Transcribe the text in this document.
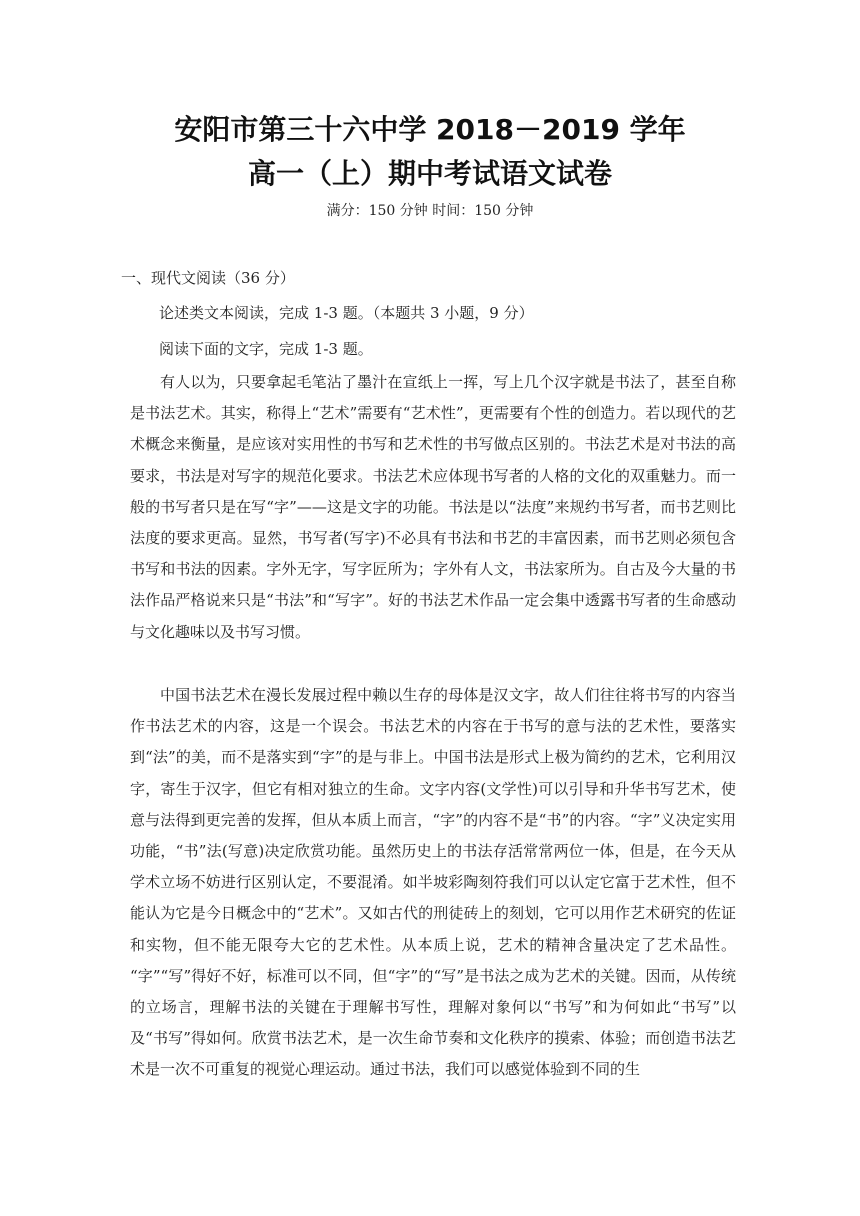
安阳市第三十六中学 2018－2019 学年
高一（上）期中考试语文试卷

满分：150 分钟 时间：150 分钟

一、现代文阅读（36 分）

论述类文本阅读，完成 1-3 题。（本题共 3 小题，9 分）

阅读下面的文字，完成 1-3 题。

有人以为，只要拿起毛笔沾了墨汁在宣纸上一挥，写上几个汉字就是书法了，甚至自称是书法艺术。其实，称得上“艺术”需要有“艺术性”，更需要有个性的创造力。若以现代的艺术概念来衡量，是应该对实用性的书写和艺术性的书写做点区别的。书法艺术是对书法的高要求，书法是对写字的规范化要求。书法艺术应体现书写者的人格的文化的双重魅力。而一般的书写者只是在写“字”——这是文字的功能。书法是以“法度”来规约书写者，而书艺则比法度的要求更高。显然，书写者(写字)不必具有书法和书艺的丰富因素，而书艺则必须包含书写和书法的因素。字外无字，写字匠所为；字外有人文，书法家所为。自古及今大量的书法作品严格说来只是“书法”和“写字”。好的书法艺术作品一定会集中透露书写者的生命感动与文化趣味以及书写习惯。

中国书法艺术在漫长发展过程中赖以生存的母体是汉文字，故人们往往将书写的内容当作书法艺术的内容，这是一个误会。书法艺术的内容在于书写的意与法的艺术性，要落实到“法”的美，而不是落实到“字”的是与非上。中国书法是形式上极为简约的艺术，它利用汉字，寄生于汉字，但它有相对独立的生命。文字内容(文学性)可以引导和升华书写艺术，使意与法得到更完善的发挥，但从本质上而言，“字”的内容不是“书”的内容。“字”义决定实用功能，“书”法(写意)决定欣赏功能。虽然历史上的书法存活常常两位一体，但是，在今天从学术立场不妨进行区别认定，不要混淆。如半坡彩陶刻符我们可以认定它富于艺术性，但不能认为它是今日概念中的“艺术”。又如古代的刑徒砖上的刻划，它可以用作艺术研究的佐证和实物，但不能无限夸大它的艺术性。从本质上说，艺术的精神含量决定了艺术品性。 “字”“写”得好不好，标准可以不同，但“字”的“写”是书法之成为艺术的关键。因而，从传统的立场言，理解书法的关键在于理解书写性，理解对象何以“书写”和为何如此“书写”以及“书写”得如何。欣赏书法艺术，是一次生命节奏和文化秩序的摸索、体验；而创造书法艺术是一次不可重复的视觉心理运动。通过书法，我们可以感觉体验到不同的生
